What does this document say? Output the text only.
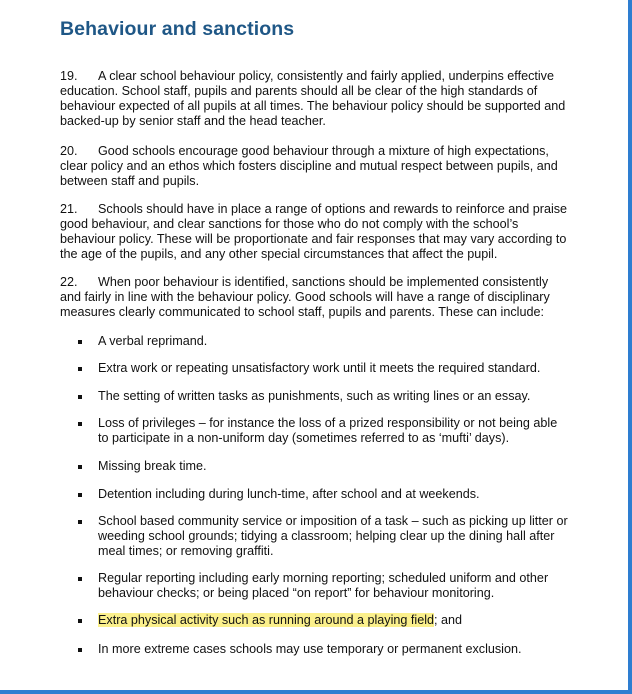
Behaviour and sanctions

19. A clear school behaviour policy, consistently and fairly applied, underpins effective education. School staff, pupils and parents should all be clear of the high standards of behaviour expected of all pupils at all times. The behaviour policy should be supported and backed-up by senior staff and the head teacher.

20. Good schools encourage good behaviour through a mixture of high expectations, clear policy and an ethos which fosters discipline and mutual respect between pupils, and between staff and pupils.

21. Schools should have in place a range of options and rewards to reinforce and praise good behaviour, and clear sanctions for those who do not comply with the school’s behaviour policy. These will be proportionate and fair responses that may vary according to the age of the pupils, and any other special circumstances that affect the pupil.

22. When poor behaviour is identified, sanctions should be implemented consistently and fairly in line with the behaviour policy. Good schools will have a range of disciplinary measures clearly communicated to school staff, pupils and parents. These can include:

A verbal reprimand.
Extra work or repeating unsatisfactory work until it meets the required standard.
The setting of written tasks as punishments, such as writing lines or an essay.
Loss of privileges – for instance the loss of a prized responsibility or not being able to participate in a non-uniform day (sometimes referred to as ‘mufti’ days).
Missing break time.
Detention including during lunch-time, after school and at weekends.
School based community service or imposition of a task – such as picking up litter or weeding school grounds; tidying a classroom; helping clear up the dining hall after meal times; or removing graffiti.
Regular reporting including early morning reporting; scheduled uniform and other behaviour checks; or being placed “on report” for behaviour monitoring.
Extra physical activity such as running around a playing field; and
In more extreme cases schools may use temporary or permanent exclusion.
